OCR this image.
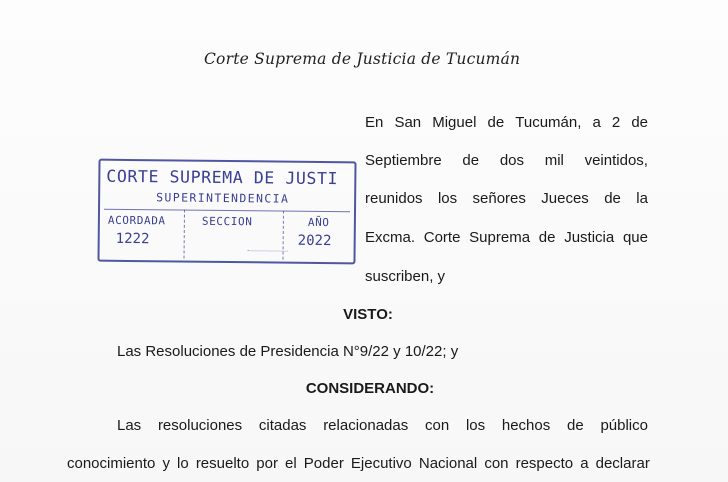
Corte Suprema de Justicia de Tucumán
CORTE SUPREMA DE JUSTI
SUPERINTENDENCIA
ACORDADA
1222
SECCION	AÑO
2022
En San Miguel de Tucumán, a 2 de
Septiembre de dos mil veintidos,
reunidos los señores Jueces de la
Excma. Corte Suprema de Justicia que
suscriben, y
VISTO:
Las Resoluciones de Presidencia N°9/22 y 10/22; y
CONSIDERANDO:
Las resoluciones citadas relacionadas con los hechos de público
conocimiento y lo resuelto por el Poder Ejecutivo Nacional con respecto a declarar
